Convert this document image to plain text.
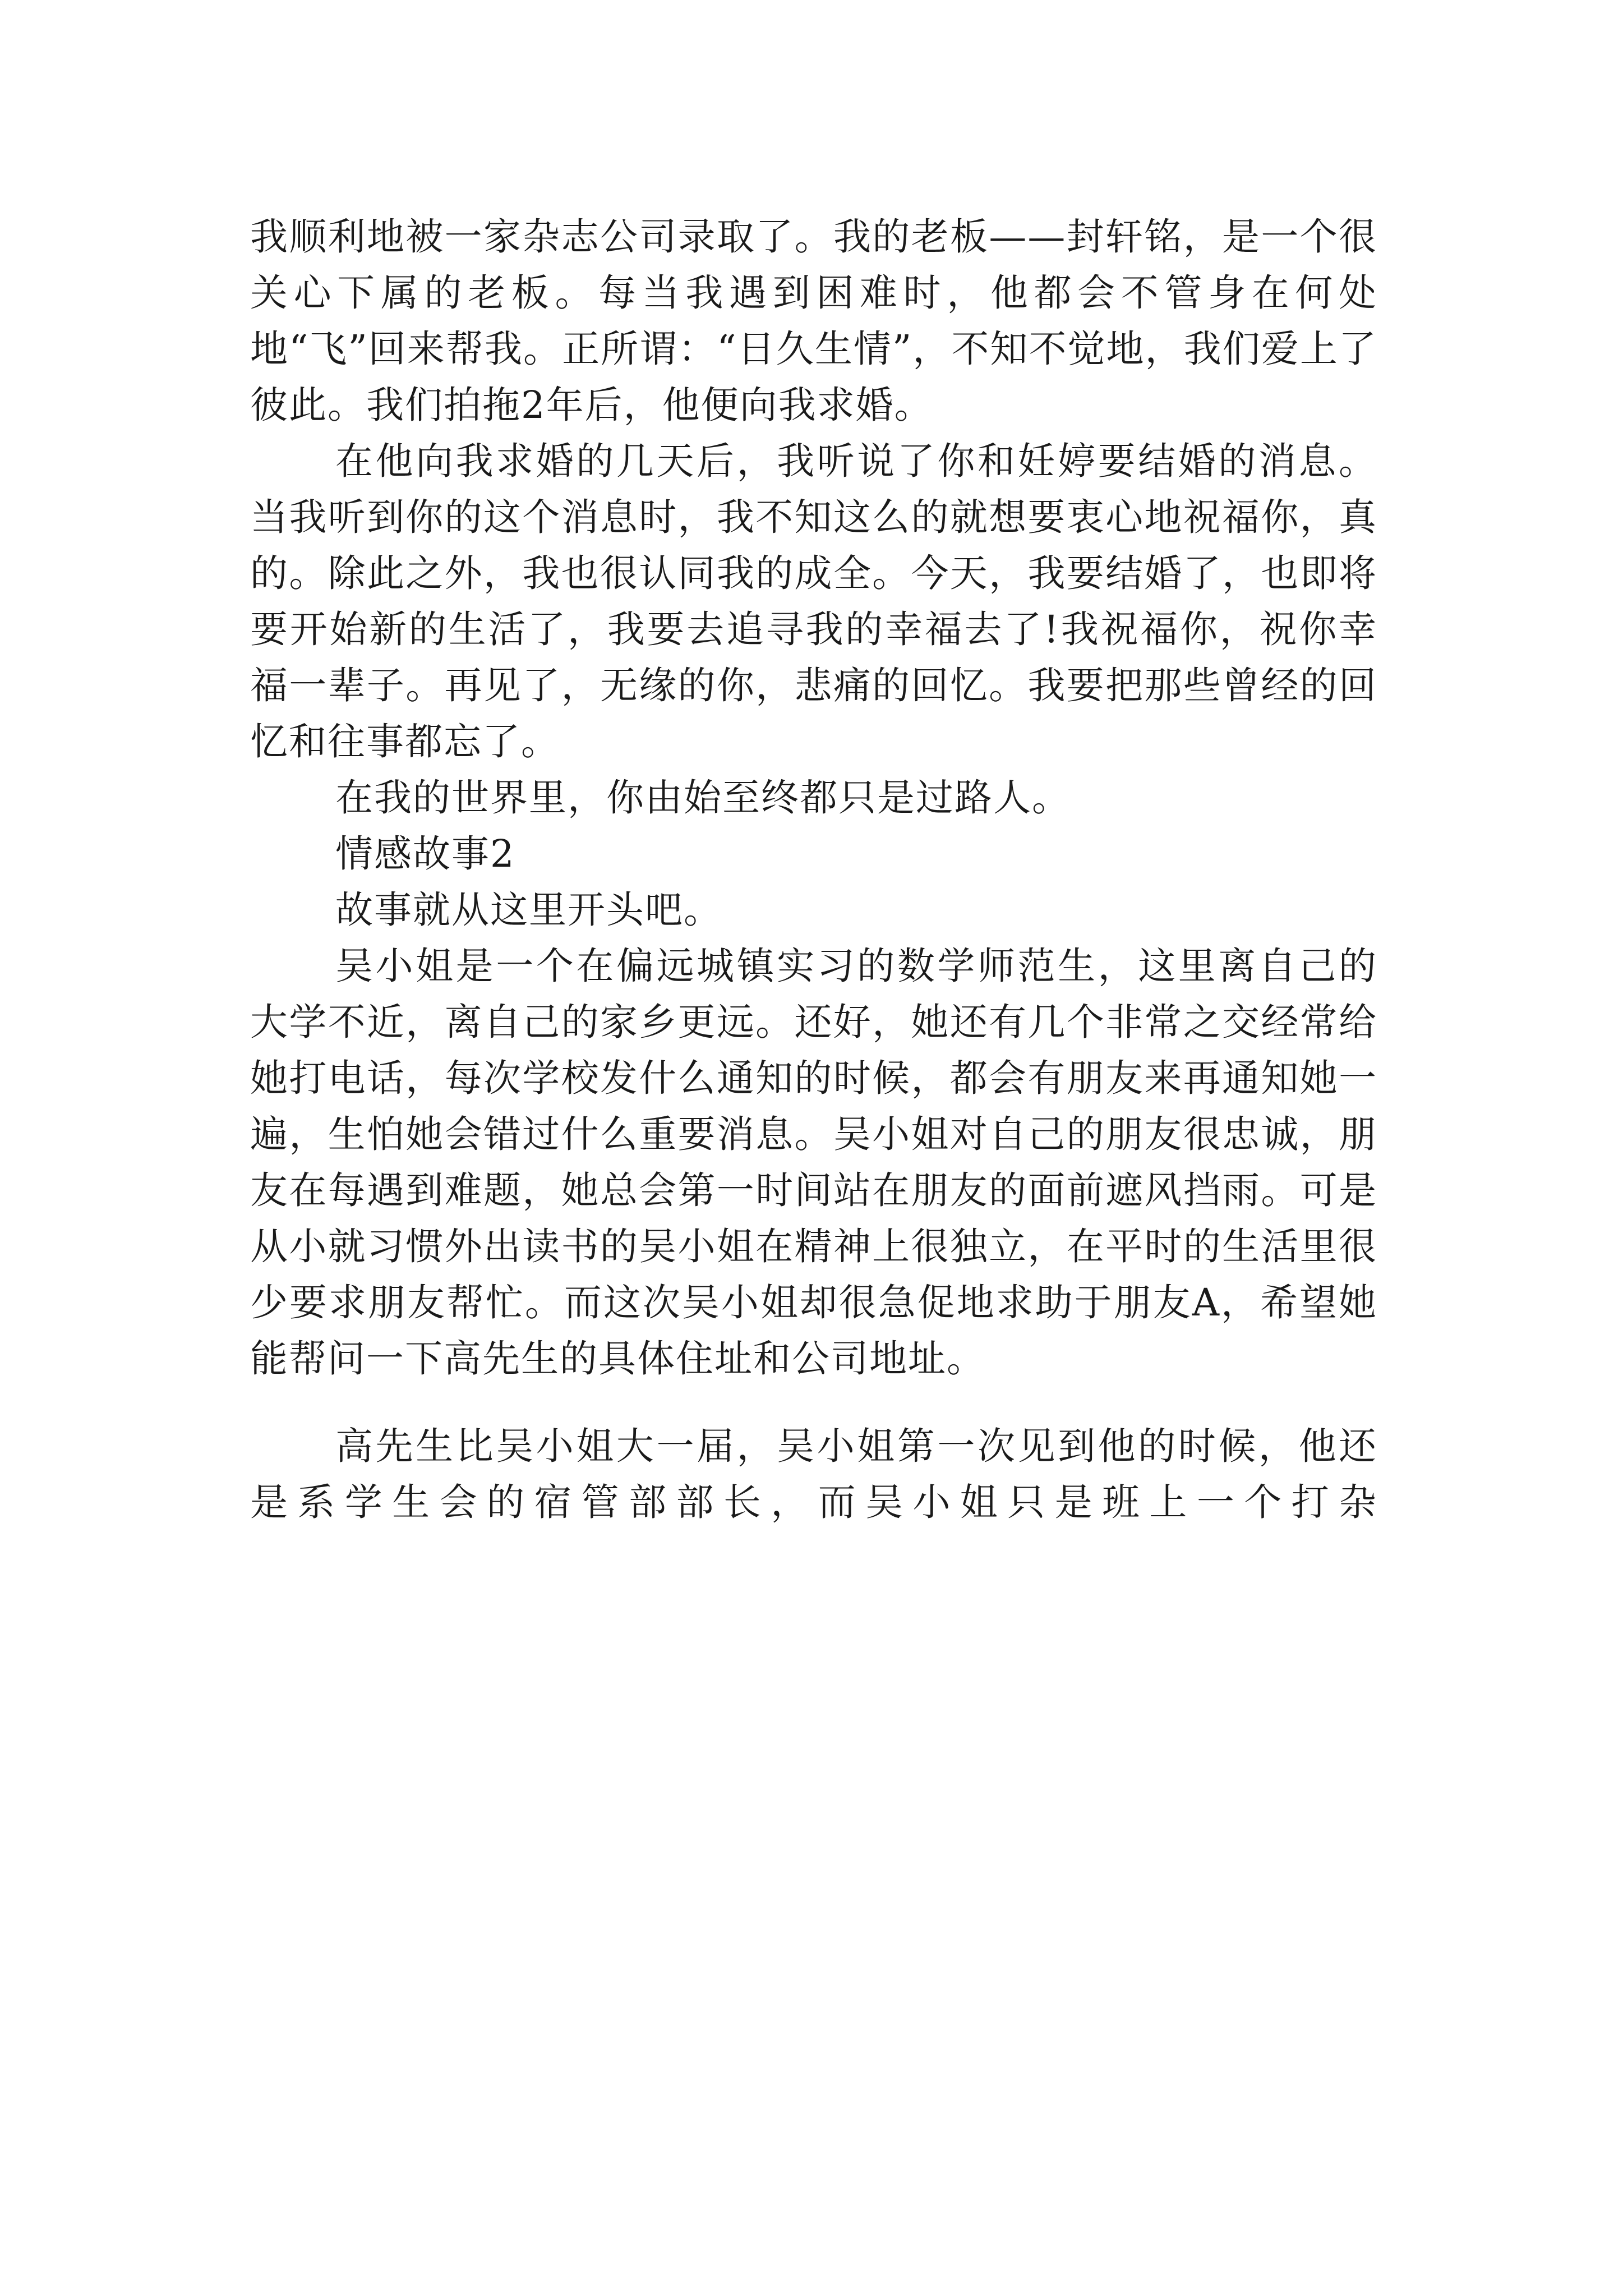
我顺利地被一家杂志公司录取了。我的老板——封轩铭，是一个很关心下属的老板。每当我遇到困难时，他都会不管身在何处地“飞”回来帮我。正所谓：“日久生情”，不知不觉地，我们爱上了彼此。我们拍拖2年后，他便向我求婚。

在他向我求婚的几天后，我听说了你和妊婷要结婚的消息。当我听到你的这个消息时，我不知这么的就想要衷心地祝福你，真的。除此之外，我也很认同我的成全。今天，我要结婚了，也即将要开始新的生活了，我要去追寻我的幸福去了!我祝福你，祝你幸福一辈子。再见了，无缘的你，悲痛的回忆。我要把那些曾经的回忆和往事都忘了。

在我的世界里，你由始至终都只是过路人。

情感故事2

故事就从这里开头吧。

吴小姐是一个在偏远城镇实习的数学师范生，这里离自己的大学不近，离自己的家乡更远。还好，她还有几个非常之交经常给她打电话，每次学校发什么通知的时候，都会有朋友来再通知她一遍，生怕她会错过什么重要消息。吴小姐对自己的朋友很忠诚，朋友在每遇到难题，她总会第一时间站在朋友的面前遮风挡雨。可是从小就习惯外出读书的吴小姐在精神上很独立，在平时的生活里很少要求朋友帮忙。而这次吴小姐却很急促地求助于朋友A，希望她能帮问一下高先生的具体住址和公司地址。

高先生比吴小姐大一届，吴小姐第一次见到他的时候，他还是系学生会的宿管部部长，而吴小姐只是班上一个打杂
